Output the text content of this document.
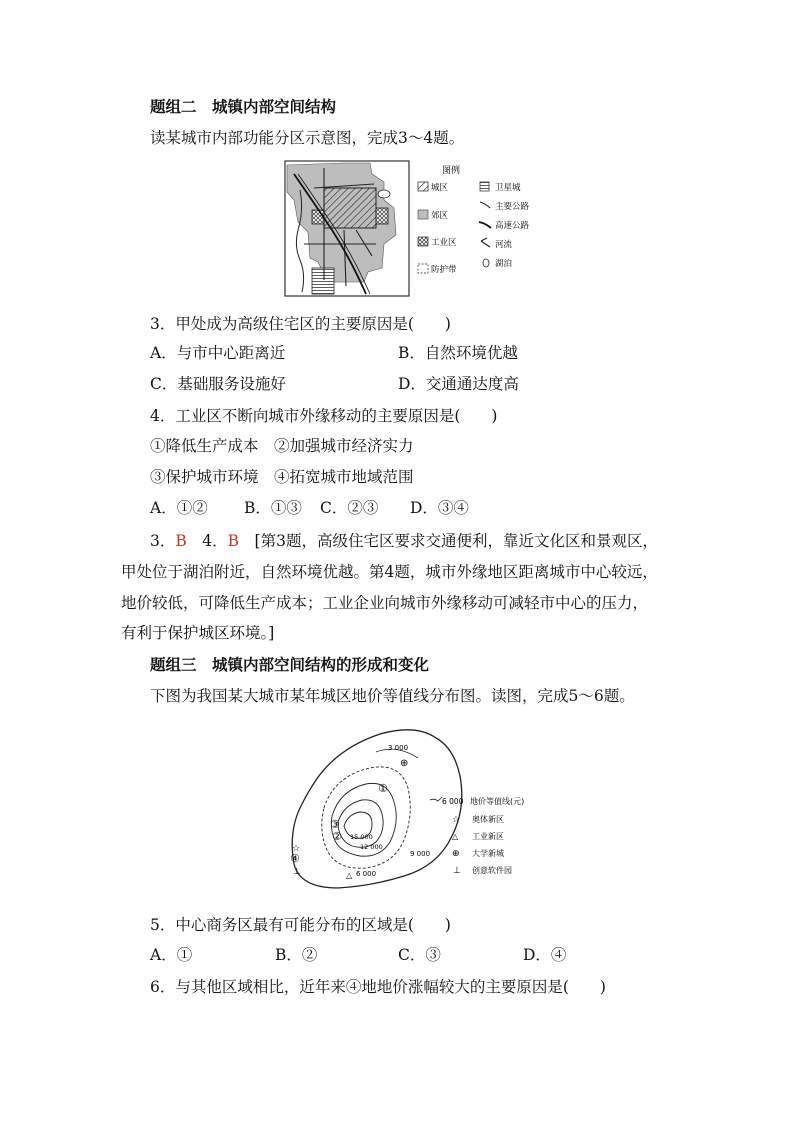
题组二　城镇内部空间结构
读某城市内部功能分区示意图，完成3～4题。
图例
城区
郊区
工业区
防护带
卫星城
主要公路
高速公路
河流
湖泊
3．甲处成为高级住宅区的主要原因是(　　)
A．与市中心距离近	B．自然环境优越
C．基础服务设施好	D．交通通达度高
4．工业区不断向城市外缘移动的主要原因是(　　)
①降低生产成本　②加强城市经济实力
③保护城市环境　④拓宽城市地域范围
A．①② B．①③ C．②③ D．③④
3．B　4．B　[第3题，高级住宅区要求交通便利，靠近文化区和景观区，
甲处位于湖泊附近，自然环境优越。第4题，城市外缘地区距离城市中心较远，
地价较低，可降低生产成本；工业企业向城市外缘移动可减轻市中心的压力，
有利于保护城区环境。]
题组三　城镇内部空间结构的形成和变化
下图为我国某大城市某年城区地价等值线分布图。读图，完成5～6题。
3 000
9 000
15 000
12 000
6 000
①
③
②
④
⊕
☆
⊥	△
6 000 地价等值线(元)
☆ 奥体新区
△ 工业新区
⊕ 大学新城
⊥ 创意软件园
5．中心商务区最有可能分布的区域是(　　)
A．①	B．②	C．③	D．④
6．与其他区域相比，近年来④地地价涨幅较大的主要原因是(　　)
